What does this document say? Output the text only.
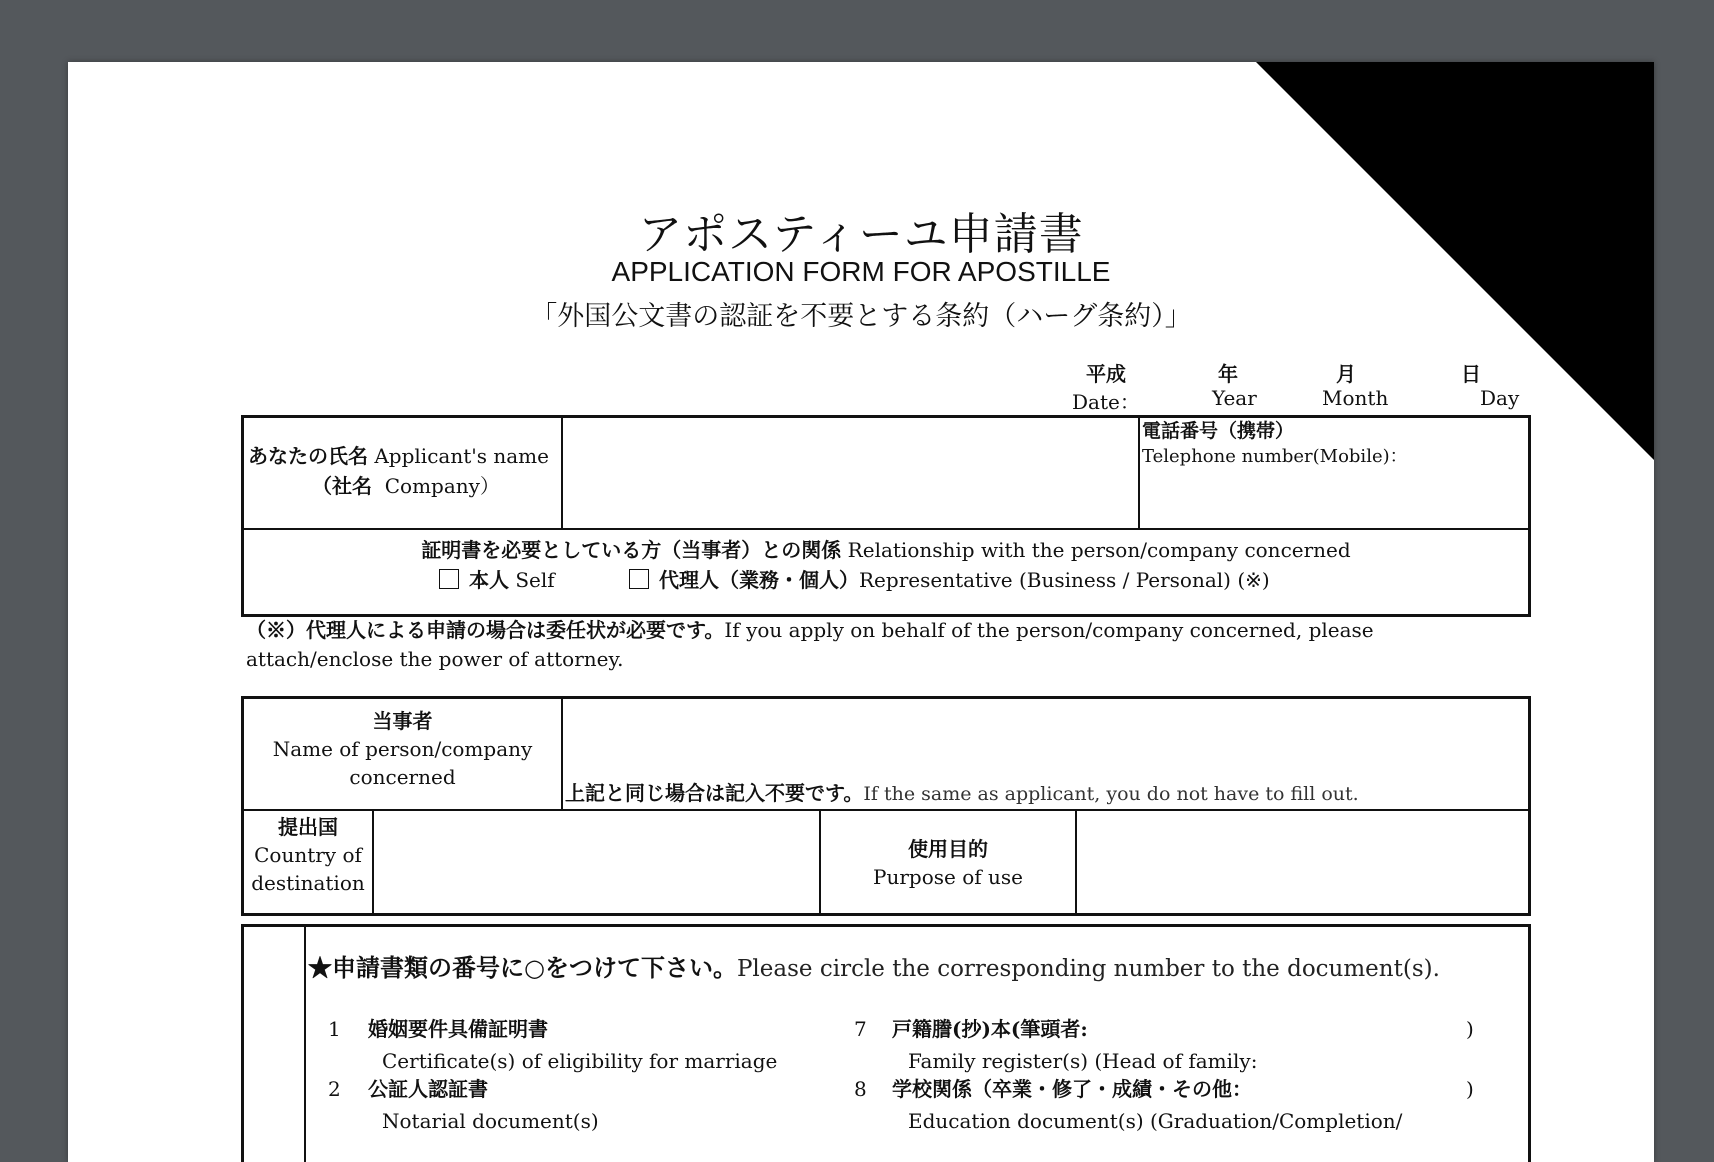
アポスティーユ申請書
APPLICATION FORM FOR APOSTILLE
「外国公文書の認証を不要とする条約（ハーグ条約）」
平成	年	月	日
Date：	Year	Month	Day
あなたの氏名 Applicant's name
（社名 Company）
電話番号（携帯）
Telephone number(Mobile)：
証明書を必要としている方（当事者）との関係 Relationship with the person/company concerned
本人 Self	代理人（業務・個人）Representative (Business / Personal) (※)
（※）代理人による申請の場合は委任状が必要です。If you apply on behalf of the person/company concerned, please attach/enclose the power of attorney.
当事者
Name of person/company
concerned
上記と同じ場合は記入不要です。If the same as applicant, you do not have to fill out.
提出国
Country of
destination
使用目的
Purpose of use
★申請書類の番号に○をつけて下さい。Please circle the corresponding number to the document(s).
1 婚姻要件具備証明書
Certificate(s) of eligibility for marriage
2 公証人認証書
Notarial document(s)
7 戸籍謄(抄)本(筆頭者:	)
Family register(s) (Head of family:
8 学校関係（卒業・修了・成績・その他：	)
Education document(s) (Graduation/Completion/
